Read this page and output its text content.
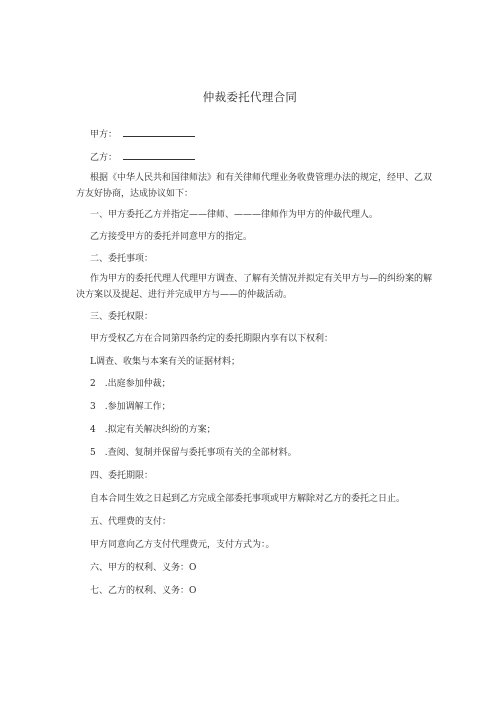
仲裁委托代理合同
甲方：
乙方：
根据《中华人民共和国律师法》和有关律师代理业务收费管理办法的规定，经甲、乙双方友好协商，达成协议如下：
一、甲方委托乙方并指定——律师、———律师作为甲方的仲裁代理人。
乙方接受甲方的委托并同意甲方的指定。
二、委托事项：
作为甲方的委托代理人代理甲方调查、了解有关情况并拟定有关甲方与—的纠纷案的解决方案以及提起、进行并完成甲方与——的仲裁活动。
三、委托权限：
甲方受权乙方在合同第四条约定的委托期限内享有以下权利：
L调查、收集与本案有关的证据材料；
2　.出庭参加仲裁；
3　.参加调解工作；
4　.拟定有关解决纠纷的方案；
5　.查阅、复制并保留与委托事项有关的全部材料。
四、委托期限：
自本合同生效之日起到乙方完成全部委托事项或甲方解除对乙方的委托之日止。
五、代理费的支付：
甲方同意向乙方支付代理费元，支付方式为：。
六、甲方的权利、义务：O
七、乙方的权利、义务：O
